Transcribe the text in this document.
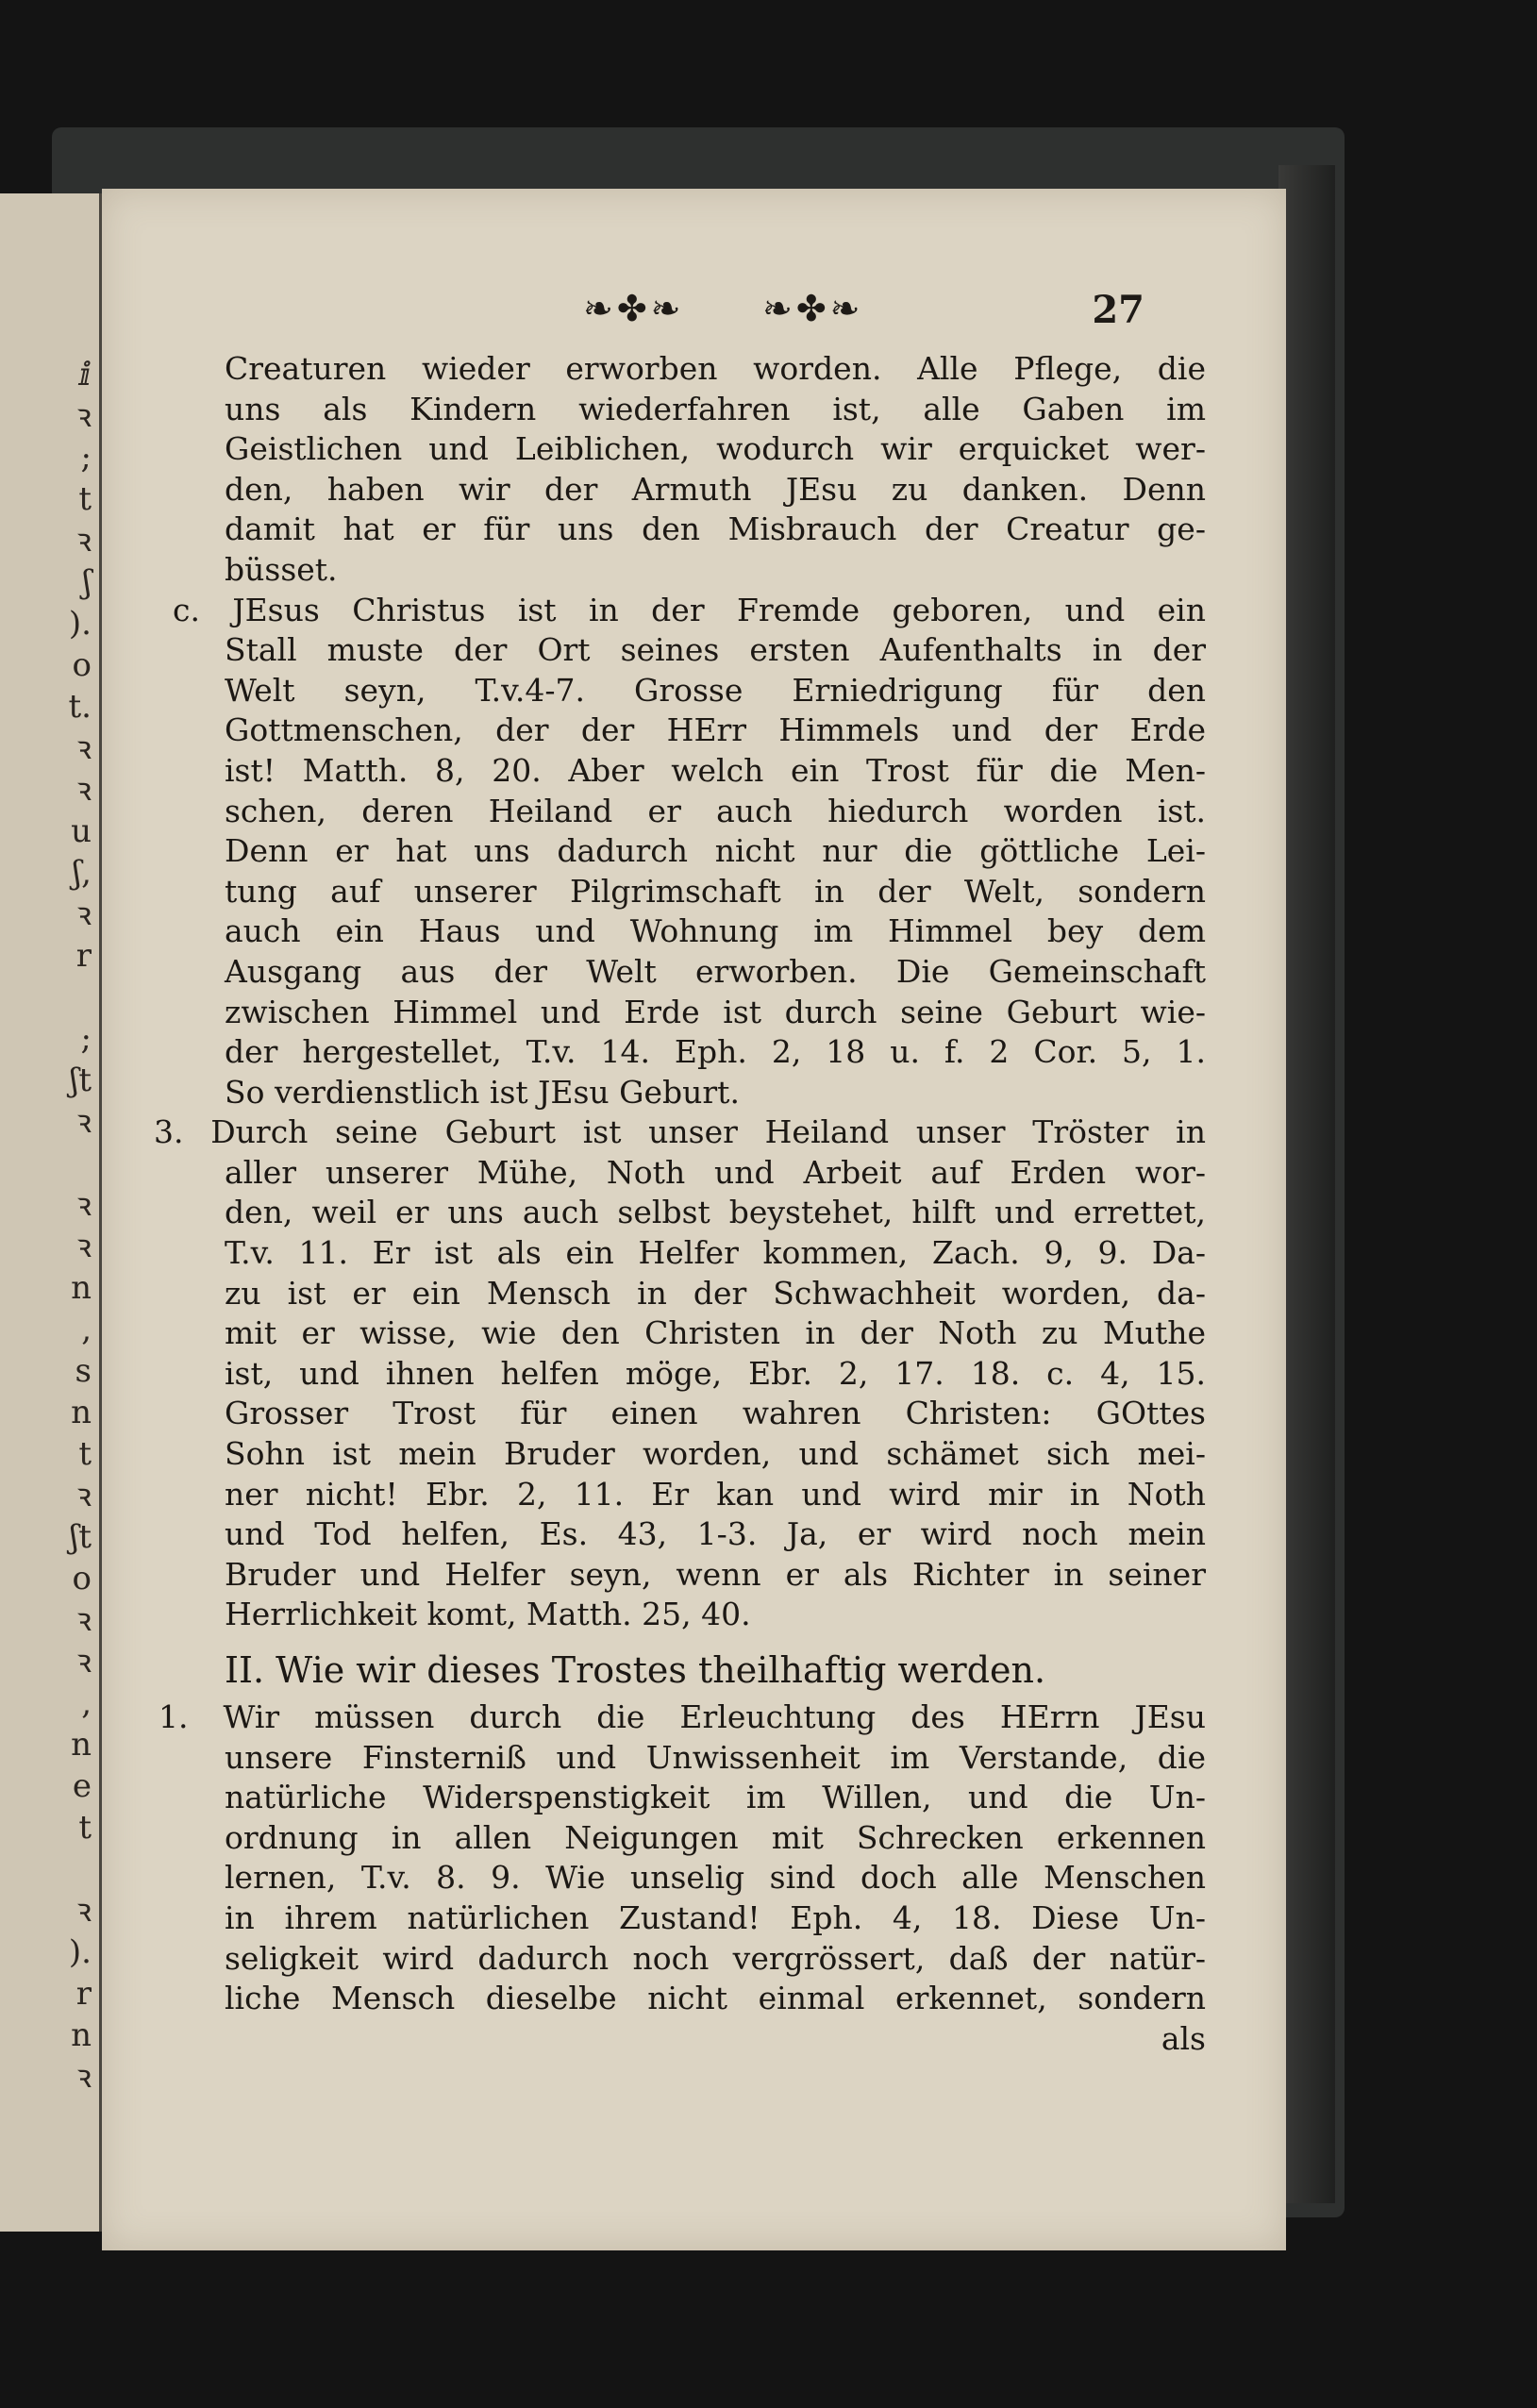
ⅈ
ꝛ
;
t
ꝛ
ʃ
).
o
t.
ꝛ
ꝛ
u
ʃ,
ꝛ
r

;
ʃt
ꝛ

ꝛ
ꝛ
n
,
s
n
t
ꝛ
ʃt
o
ꝛ
ꝛ
,
n
e
t

ꝛ
).
r
n
ꝛ
❧✤❧ ❧✤❧	27
Creaturen wieder erworben worden. Alle Pflege, die
uns als Kindern wiederfahren ist, alle Gaben im
Geistlichen und Leiblichen, wodurch wir erquicket wer-
den, haben wir der Armuth JEsu zu danken. Denn
damit hat er für uns den Misbrauch der Creatur ge-
büsset.
c. JEsus Christus ist in der Fremde geboren, und ein
Stall muste der Ort seines ersten Aufenthalts in der
Welt seyn, T.v.4-7. Grosse Erniedrigung für den
Gottmenschen, der der HErr Himmels und der Erde
ist! Matth. 8, 20. Aber welch ein Trost für die Men-
schen, deren Heiland er auch hiedurch worden ist.
Denn er hat uns dadurch nicht nur die göttliche Lei-
tung auf unserer Pilgrimschaft in der Welt, sondern
auch ein Haus und Wohnung im Himmel bey dem
Ausgang aus der Welt erworben. Die Gemeinschaft
zwischen Himmel und Erde ist durch seine Geburt wie-
der hergestellet, T.v. 14. Eph. 2, 18 u. f. 2 Cor. 5, 1.
So verdienstlich ist JEsu Geburt.
3. Durch seine Geburt ist unser Heiland unser Tröster in
aller unserer Mühe, Noth und Arbeit auf Erden wor-
den, weil er uns auch selbst beystehet, hilft und errettet,
T.v. 11. Er ist als ein Helfer kommen, Zach. 9, 9. Da-
zu ist er ein Mensch in der Schwachheit worden, da-
mit er wisse, wie den Christen in der Noth zu Muthe
ist, und ihnen helfen möge, Ebr. 2, 17. 18. c. 4, 15.
Grosser Trost für einen wahren Christen: GOttes
Sohn ist mein Bruder worden, und schämet sich mei-
ner nicht! Ebr. 2, 11. Er kan und wird mir in Noth
und Tod helfen, Es. 43, 1-3. Ja, er wird noch mein
Bruder und Helfer seyn, wenn er als Richter in seiner
Herrlichkeit komt, Matth. 25, 40.
II. Wie wir dieses Trostes theilhaftig werden.
1. Wir müssen durch die Erleuchtung des HErrn JEsu
unsere Finsterniß und Unwissenheit im Verstande, die
natürliche Widerspenstigkeit im Willen, und die Un-
ordnung in allen Neigungen mit Schrecken erkennen
lernen, T.v. 8. 9. Wie unselig sind doch alle Menschen
in ihrem natürlichen Zustand! Eph. 4, 18. Diese Un-
seligkeit wird dadurch noch vergrössert, daß der natür-
liche Mensch dieselbe nicht einmal erkennet, sondern
als
